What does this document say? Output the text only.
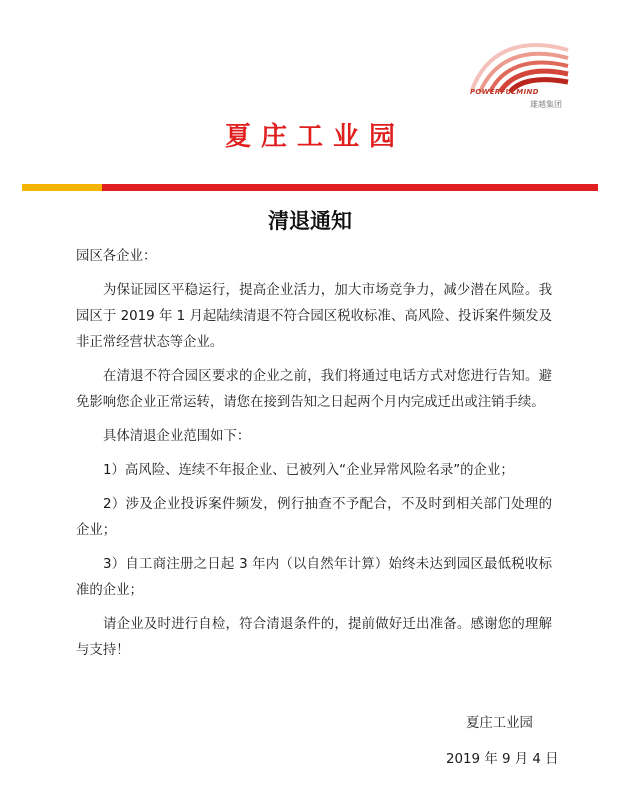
POWERFULMIND
雄越集团
夏庄工业园
清退通知

园区各企业：

为保证园区平稳运行，提高企业活力，加大市场竞争力，减少潜在风险。我园区于 2019 年 1 月起陆续清退不符合园区税收标准、高风险、投诉案件频发及非正常经营状态等企业。

在清退不符合园区要求的企业之前，我们将通过电话方式对您进行告知。避免影响您企业正常运转，请您在接到告知之日起两个月内完成迁出或注销手续。

具体清退企业范围如下：

1）高风险、连续不年报企业、已被列入“企业异常风险名录”的企业；

2）涉及企业投诉案件频发，例行抽查不予配合，不及时到相关部门处理的企业；

3）自工商注册之日起 3 年内（以自然年计算）始终未达到园区最低税收标准的企业；

请企业及时进行自检，符合清退条件的，提前做好迁出准备。感谢您的理解与支持！

夏庄工业园
2019 年 9 月 4 日
